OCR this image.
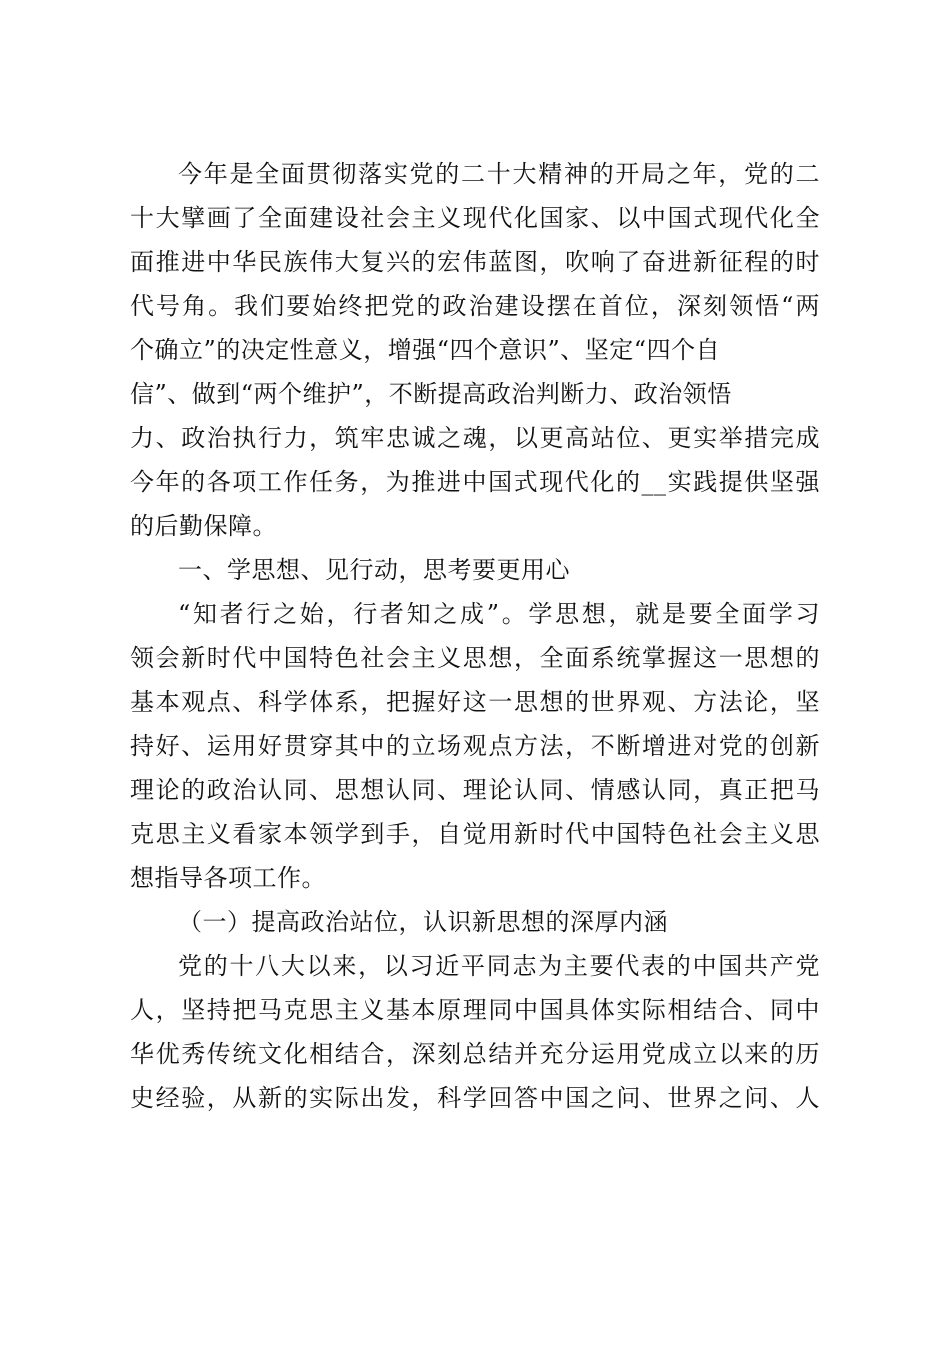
今年是全面贯彻落实党的二十大精神的开局之年，党的二
十大擘画了全面建设社会主义现代化国家、以中国式现代化全
面推进中华民族伟大复兴的宏伟蓝图，吹响了奋进新征程的时
代号角。我们要始终把党的政治建设摆在首位，深刻领悟“两
个确立”的决定性意义，增强“四个意识”、坚定“四个自
信”、做到“两个维护”，不断提高政治判断力、政治领悟
力、政治执行力，筑牢忠诚之魂，以更高站位、更实举措完成
今年的各项工作任务，为推进中国式现代化的__实践提供坚强
的后勤保障。
一、学思想、见行动，思考要更用心
“知者行之始，行者知之成”。学思想，就是要全面学习
领会新时代中国特色社会主义思想，全面系统掌握这一思想的
基本观点、科学体系，把握好这一思想的世界观、方法论，坚
持好、运用好贯穿其中的立场观点方法，不断增进对党的创新
理论的政治认同、思想认同、理论认同、情感认同，真正把马
克思主义看家本领学到手，自觉用新时代中国特色社会主义思
想指导各项工作。
（一）提高政治站位，认识新思想的深厚内涵
党的十八大以来，以习近平同志为主要代表的中国共产党
人，坚持把马克思主义基本原理同中国具体实际相结合、同中
华优秀传统文化相结合，深刻总结并充分运用党成立以来的历
史经验，从新的实际出发，科学回答中国之问、世界之问、人
